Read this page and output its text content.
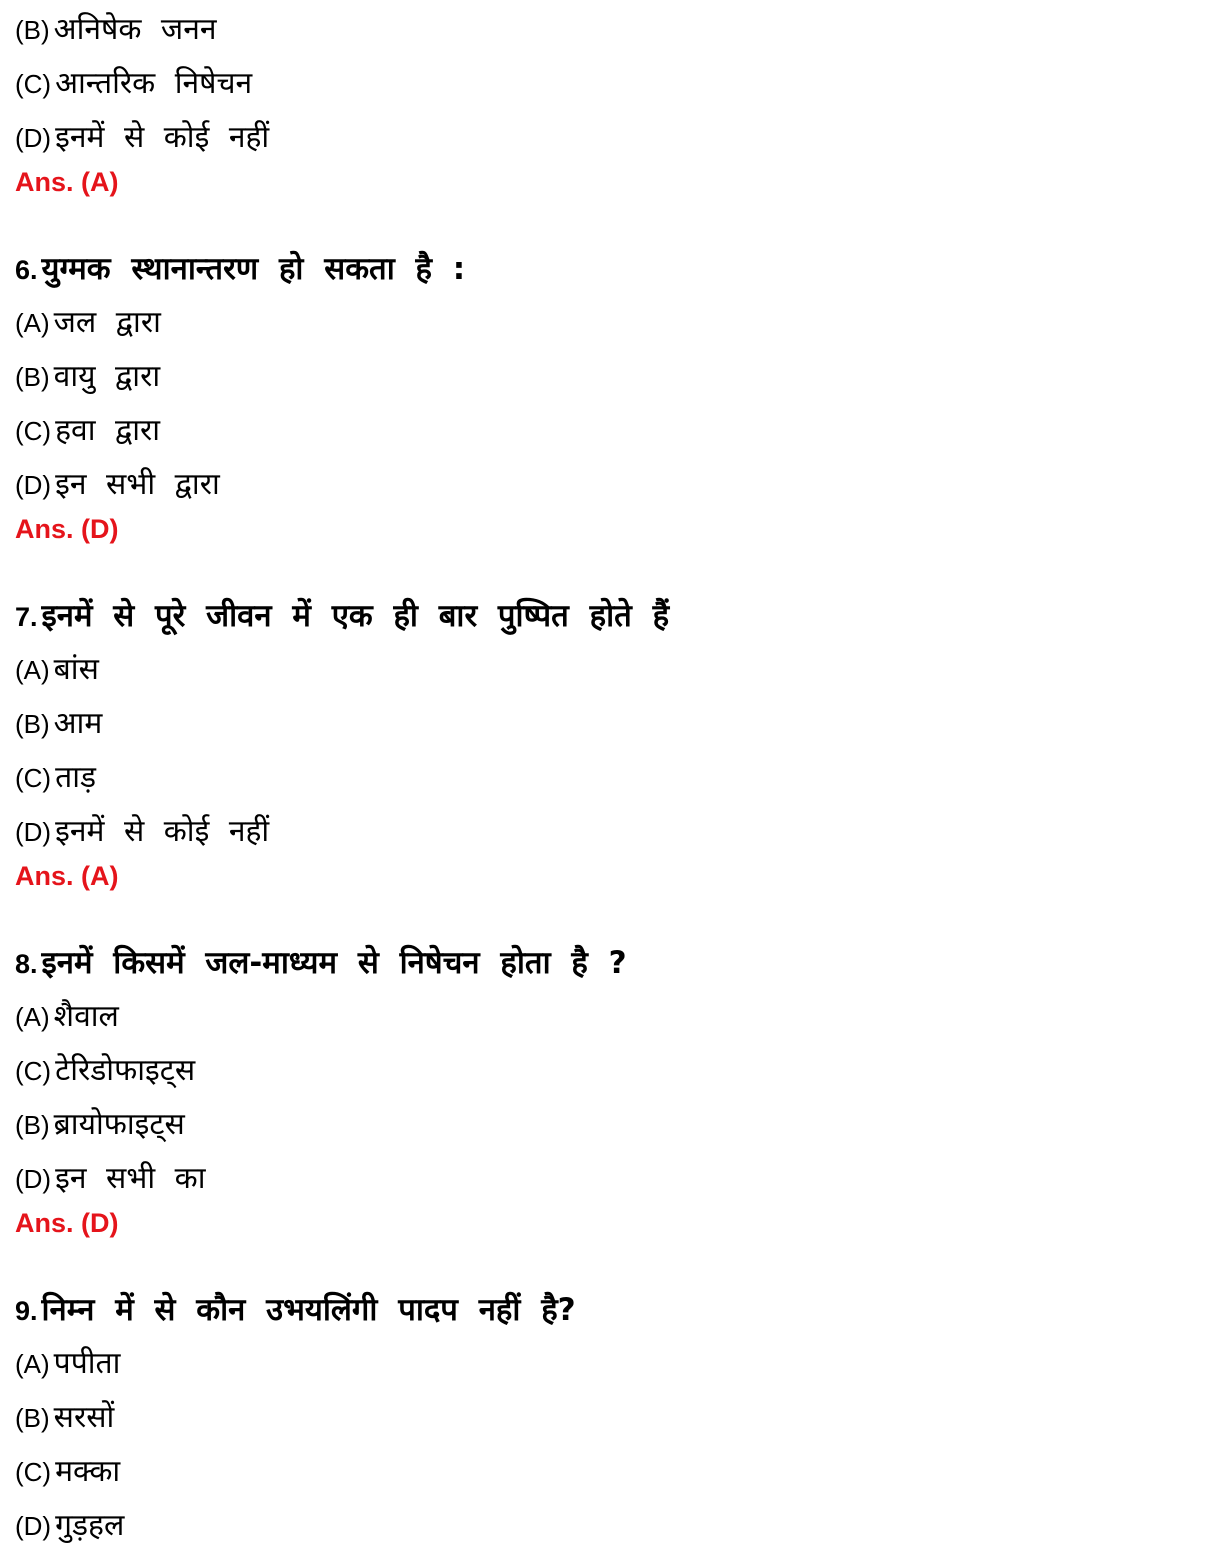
(B) अनिषेक जनन
(C) आन्तरिक निषेचन
(D) इनमें से कोई नहीं
Ans. (A)
6. युग्मक स्थानान्तरण हो सकता है :
(A) जल द्वारा
(B) वायु द्वारा
(C) हवा द्वारा
(D) इन सभी द्वारा
Ans. (D)
7. इनमें से पूरे जीवन में एक ही बार पुष्पित होते हैं
(A) बांस
(B) आम
(C) ताड़
(D) इनमें से कोई नहीं
Ans. (A)
8. इनमें किसमें जल-माध्यम से निषेचन होता है ?
(A) शैवाल
(C) टेरिडोफाइट्स
(B) ब्रायोफाइट्स
(D) इन सभी का
Ans. (D)
9. निम्न में से कौन उभयलिंगी पादप नहीं है?
(A) पपीता
(B) सरसों
(C) मक्का
(D) गुड़हल
